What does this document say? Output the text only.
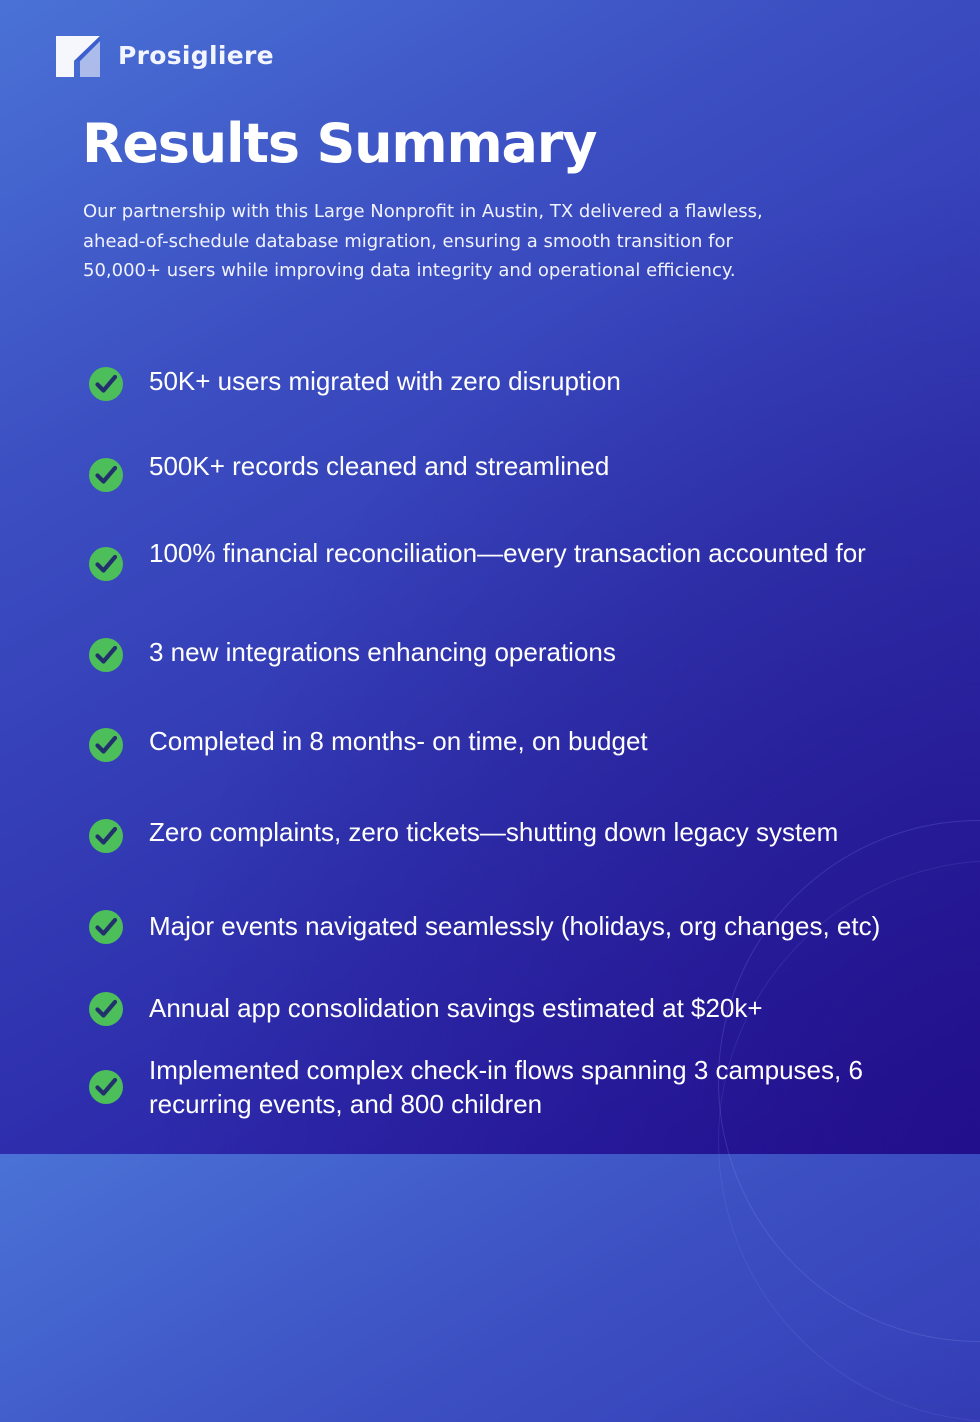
Prosigliere
Results Summary

Our partnership with this Large Nonprofit in Austin, TX delivered a flawless,
ahead-of-schedule database migration, ensuring a smooth transition for
50,000+ users while improving data integrity and operational efficiency.

50K+ users migrated with zero disruption
500K+ records cleaned and streamlined
100% financial reconciliation—every transaction accounted for
3 new integrations enhancing operations
Completed in 8 months- on time, on budget
Zero complaints, zero tickets—shutting down legacy system
Major events navigated seamlessly (holidays, org changes, etc)
Annual app consolidation savings estimated at $20k+
Implemented complex check-in flows spanning 3 campuses, 6
recurring events, and 800 children
